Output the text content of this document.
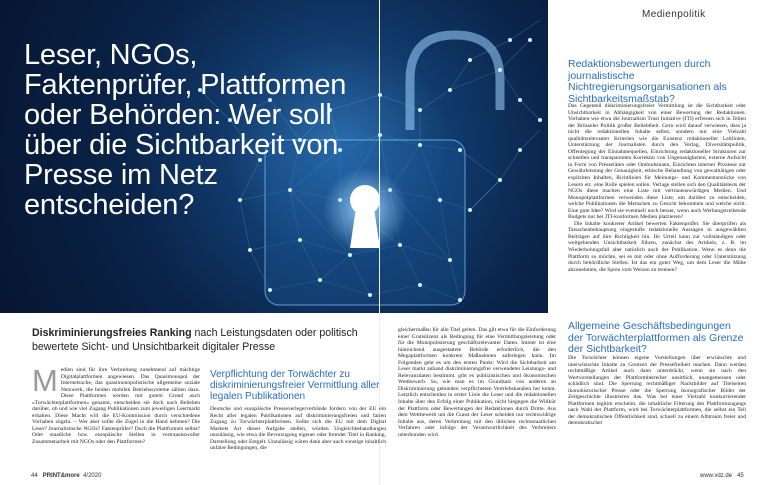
Leser, NGOs, Faktenprüfer, Plattformen oder Behörden: Wer soll über die Sichtbarkeit von Presse im Netz entscheiden?
Medienpolitik
Redaktionsbewertungen durch journalistische Nichtregierungsorganisationen als Sichtbarkeitsmaßstab?

Das Gegenteil diskriminierungsfreier Vermittlung ist die Sichtbarkeit oder Unsichtbarkeit in Abhängigkeit von einer Bewertung der Redaktionen. Vorhaben wie etwa die Journalism Trust Initiative (JTI) erfreuen sich in Teilen der Brüsseler Politik großer Beliebtheit. Gern wird darauf verwiesen, dass ja nicht die redaktionellen Inhalte selbst, sondern nur eine Vielzahl qualitätsrelevanter Kriterien wie die Existenz redaktioneller Leitlinien, Unterstützung der Journalisten durch den Verlag, Diversitätspolitik, Offenlegung der Einnahmequellen, Einrichtung redaktioneller Strukturen zur schnellen und transparenten Korrektur von Ungenauigkeiten, externe Aufsicht in Form von Presseräten oder Ombudsmann, Einrichten interner Prozesse zur Gewährleistung der Genauigkeit, ethische Behandlung von gewalttätigen oder expliziten Inhalten, Richtlinien für Meinungs- und Kommentarstücke von Lesern etc. eine Rolle spielen sollen. Verlage stellen sich den Qualitätstests der NGOs diese machen eine Liste mit vertrauenswürdigen Medien. Und Monopolplattformen verwenden diese Liste, um darüber zu entscheiden, welche Publikationen die Menschen zu Gesicht bekommen und welche nicht. Eine gute Idee? Wird sie eventuell noch besser, wenn auch Werbungstreibende Budgets nur bei JTI-konformen Medien platzieren?

Die Inhalte konkreter Artikel bewerten Faktenprüfer. Sie überprüfen als Tatsachenbehauptung eingestufte redaktionelle Aussagen in ausgewählten Beiträgen auf ihre Richtigkeit hin. Ihr Urteil kann zur vollständigen oder weitgehenden Unsichtbarkeit führen, zunächst des Artikels, z. B. im Wiederholungsfall aber natürlich auch der Publikation. Wenn es denn die Plattform so möchte, sei es mit oder ohne Aufforderung oder Unterstützung durch behördliche Stellen. Ist das ein guter Weg, um dem Leser die Mühe abzunehmen, die Spreu vom Weizen zu trennen?

Allgemeine Geschäftsbedingungen der Torwächterplattformen als Grenze der Sichtbarkeit?

Die Torwächter können eigene Vorstellungen über erwünschte und unerwünschte Inhalte zu Grenzen der Pressefreiheit machen. Dann werden rechtmäßige Artikel auch dann unterdrückt, wenn sie nach den Wertvorstellungen der Plattformbetreiber unsittlich, unangemessen oder schädlich sind. Die Sperrung rechtmäßiger Nacktbilder auf Titelseiten ikonohistorischer Presse oder die Sperrung ikonografischer Bilder der Zeitgeschichte illustrieren das. Was bei einer Vielzahl konkurrierender Plattformen legitim erscheint, die inhaltliche Filterung des Plattformzugangs nach Wahl der Plattform, wird bei Torwächterplattformen, die selbst ein Teil der demokratischen Öffentlichkeit sind, schnell zu einem Albtraum freier und demokratischer

Diskriminierungsfreies Ranking nach Leistungsdaten oder politisch bewertete Sicht- und Unsichtbarkeit digitaler Presse

M edien sind für ihre Verbreitung zunehmend auf mächtige Digitalplattformen angewiesen. Das Quasimonopol der Internetsuche, das quasimonopolistische allgemeine soziale Netzwerk, die beiden mobilen Betriebssysteme zählen dazu. Diese Plattformen werden mit gutem Grund auch »Torwächterplattformen« genannt, entscheiden sie doch nach Belieben darüber, ob und wie viel Zugang Publikationen zum jeweiligen Leermarkt erhalten. Diese Macht will die EU-Kommission durch verschiedene Vorhaben zügeln. – Wer aber sollte die Zügel in die Hand nehmen? Die Leser? Journalistische NGOs? Faktenprüfer? Doch die Plattformen selbst? Oder staatliche bzw. europäische Stellen in vertrauenswoller Zusammenarbeit mit NGOs oder den Plattformen?
Verpflichtung der Torwächter zu diskriminierungsfreier Vermittlung aller legalen Publikationen

Deutsche und europäische Presseverlegerverbände fordern von der EU ein Recht aller legalen Publikationen auf diskriminierungsfreien und fairen Zugang zu Torwächterplattformen. Sollte sich die EU mit dem Digital Markets Act dieser Aufgabe stellen, würden Ungleichbehandlungen unzulässig, wie etwa die Bevorzugung eigener oder fremder Titel in Ranking, Darstellung oder Entgelt. Unzulässig wären dann aber auch sonstige inhaltlich unfaire Bedingungen, die

gleichermaßen für alle Titel gelten. Das gilt etwa für die Einforderung einer Gratislizenz als Bedingung für eine Vermittlungsleistung oder für die Monopolisierung geschäftsrelevanter Daten. Immer ist eine hinreichend ausgestattete Behörde erforderlich, die den Megaplattformen konkrete Maßnahmen auferlegen kann. Im Folgenden geht es um den ersten Punkt: Wird die Sichtbarkeit am Leser markt anhand diskriminierungsfrei verwendeter Leistungs- und Relevanzdaten bestimmt, gibt es publizistischen und ökonomischen Wettbewerb. So, wie man es im Grundsatz von anderen an Diskriminierung gebunden verpflichteten Vertriebskanälen her kennt. Letztlich entscheiden in erster Linie die Leser und die redaktionellen Inhalte über den Erfolg einer Publikation, nicht hingegen die Willkür der Plattform oder Bewertungen der Redaktionen durch Dritte. Aus dem Wettbewerb um die Gunst der Leser scheiden nur rechtswidrige Inhalte aus, deren Verbreitung mit den üblichen rechtsstaatlichen Verfahren oder infolge der Verantwortlichkeit des Verbreiters unterbunden wird.

44 PRINT&more 4/2020	www.vdz.de 45
